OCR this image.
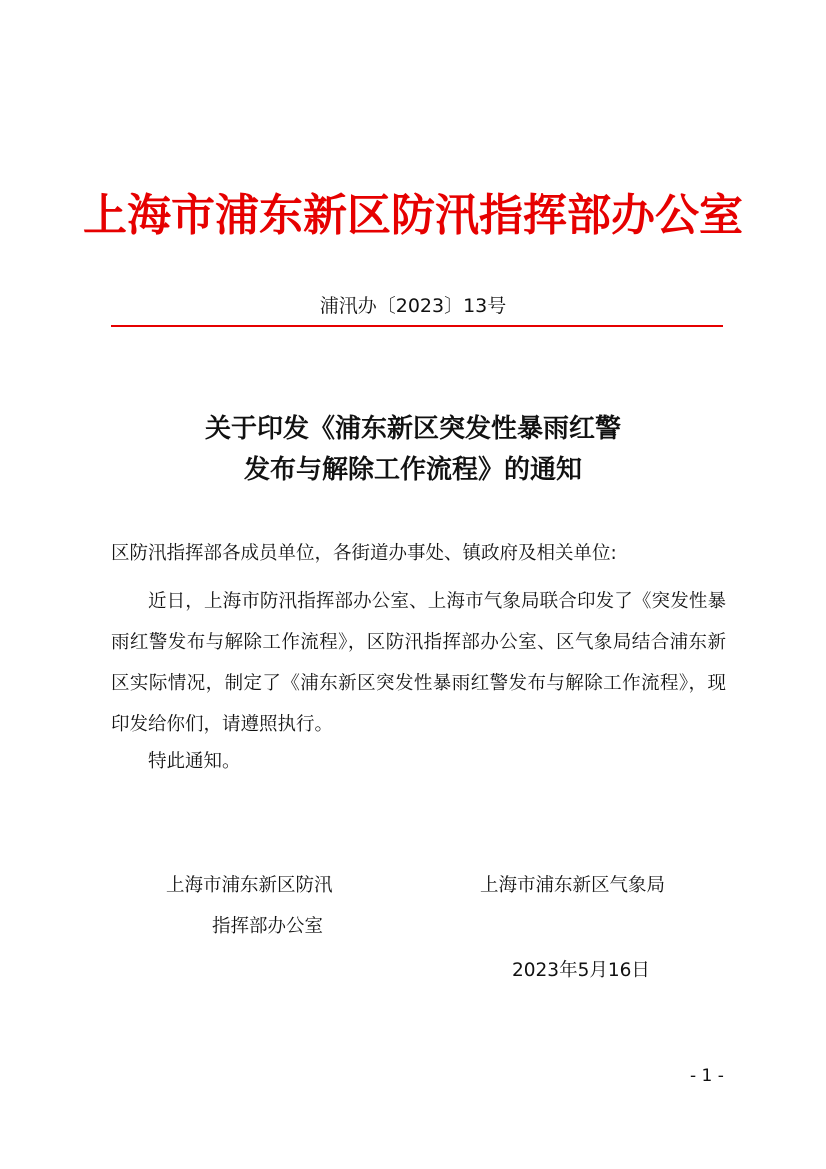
上海市浦东新区防汛指挥部办公室
浦汛办〔2023〕13号
关于印发《浦东新区突发性暴雨红警
发布与解除工作流程》的通知
区防汛指挥部各成员单位，各街道办事处、镇政府及相关单位:
近日，上海市防汛指挥部办公室、上海市气象局联合印发了《突发性暴雨红警发布与解除工作流程》，区防汛指挥部办公室、区气象局结合浦东新区实际情况，制定了《浦东新区突发性暴雨红警发布与解除工作流程》，现印发给你们，请遵照执行。
特此通知。
上海市浦东新区防汛
指挥部办公室
上海市浦东新区气象局
2023年5月16日
- 1 -
